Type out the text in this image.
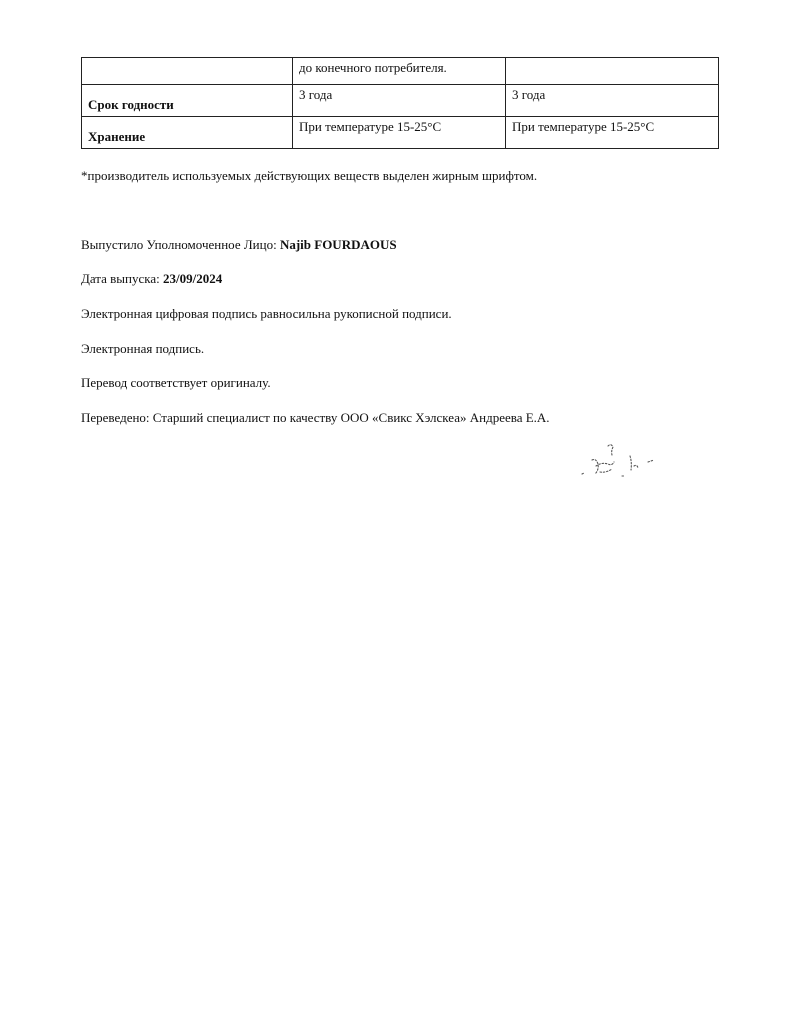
	до конечного потребителя.	
Срок годности	3 года	3 года
Хранение	При температуре 15-25°С	При температуре 15-25°С
*производитель используемых действующих веществ выделен жирным шрифтом.
Выпустило Уполномоченное Лицо: Najib FOURDAOUS
Дата выпуска: 23/09/2024
Электронная цифровая подпись равносильна рукописной подписи.
Электронная подпись.
Перевод соответствует оригиналу.
Переведено: Старший специалист по качеству ООО «Свикс Хэлскеа» Андреева Е.А.
